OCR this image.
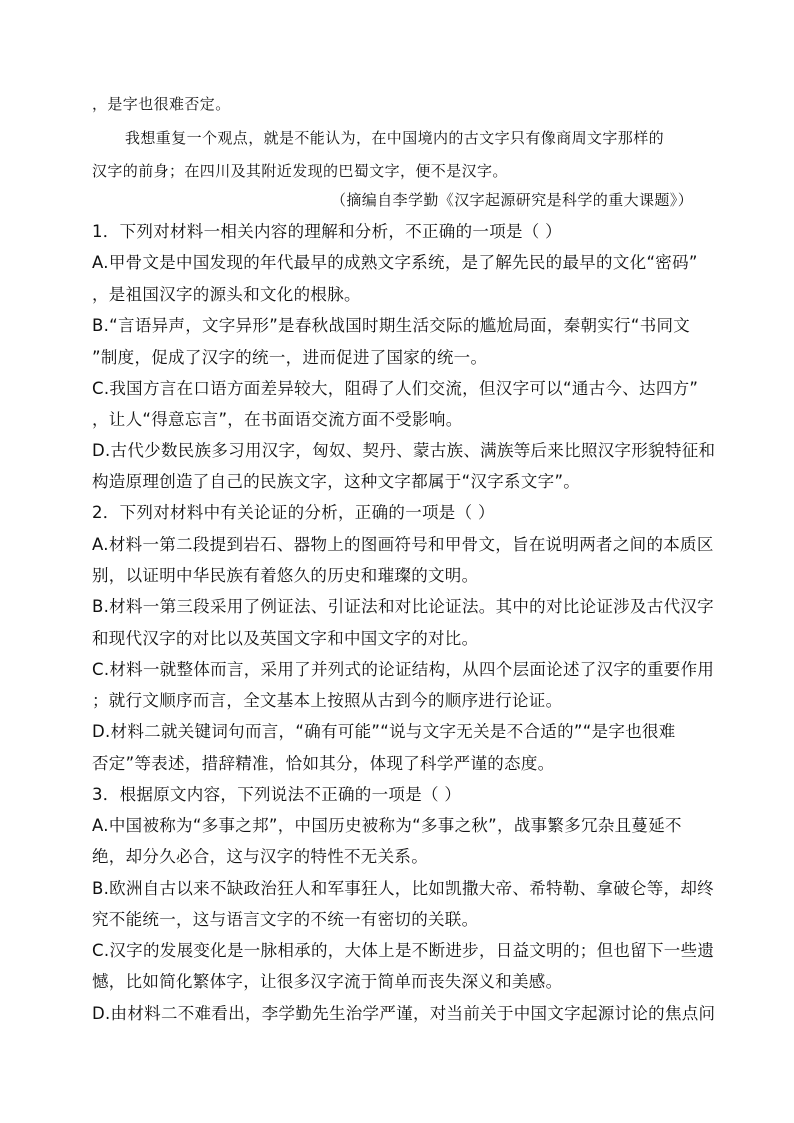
，是字也很难否定。
我想重复一个观点，就是不能认为，在中国境内的古文字只有像商周文字那样的
汉字的前身；在四川及其附近发现的巴蜀文字，便不是汉字。
（摘编自李学勤《汉字起源研究是科学的重大课题》）
1．下列对材料一相关内容的理解和分析，不正确的一项是（ ）
A.甲骨文是中国发现的年代最早的成熟文字系统，是了解先民的最早的文化“密码”
，是祖国汉字的源头和文化的根脉。
B.“言语异声，文字异形”是春秋战国时期生活交际的尴尬局面，秦朝实行“书同文
”制度，促成了汉字的统一，进而促进了国家的统一。
C.我国方言在口语方面差异较大，阻碍了人们交流，但汉字可以“通古今、达四方”
，让人“得意忘言”，在书面语交流方面不受影响。
D.古代少数民族多习用汉字，匈奴、契丹、蒙古族、满族等后来比照汉字形貌特征和
构造原理创造了自己的民族文字，这种文字都属于“汉字系文字”。
2．下列对材料中有关论证的分析，正确的一项是（ ）
A.材料一第二段提到岩石、器物上的图画符号和甲骨文，旨在说明两者之间的本质区
别，以证明中华民族有着悠久的历史和璀璨的文明。
B.材料一第三段采用了例证法、引证法和对比论证法。其中的对比论证涉及古代汉字
和现代汉字的对比以及英国文字和中国文字的对比。
C.材料一就整体而言，采用了并列式的论证结构，从四个层面论述了汉字的重要作用
；就行文顺序而言，全文基本上按照从古到今的顺序进行论证。
D.材料二就关键词句而言，“确有可能”“说与文字无关是不合适的”“是字也很难
否定”等表述，措辞精准，恰如其分，体现了科学严谨的态度。
3．根据原文内容，下列说法不正确的一项是（ ）
A.中国被称为“多事之邦”，中国历史被称为“多事之秋”，战事繁多冗杂且蔓延不
绝，却分久必合，这与汉字的特性不无关系。
B.欧洲自古以来不缺政治狂人和军事狂人，比如凯撒大帝、希特勒、拿破仑等，却终
究不能统一，这与语言文字的不统一有密切的关联。
C.汉字的发展变化是一脉相承的，大体上是不断进步，日益文明的；但也留下一些遗
憾，比如简化繁体字，让很多汉字流于简单而丧失深义和美感。
D.由材料二不难看出，李学勤先生治学严谨，对当前关于中国文字起源讨论的焦点问
